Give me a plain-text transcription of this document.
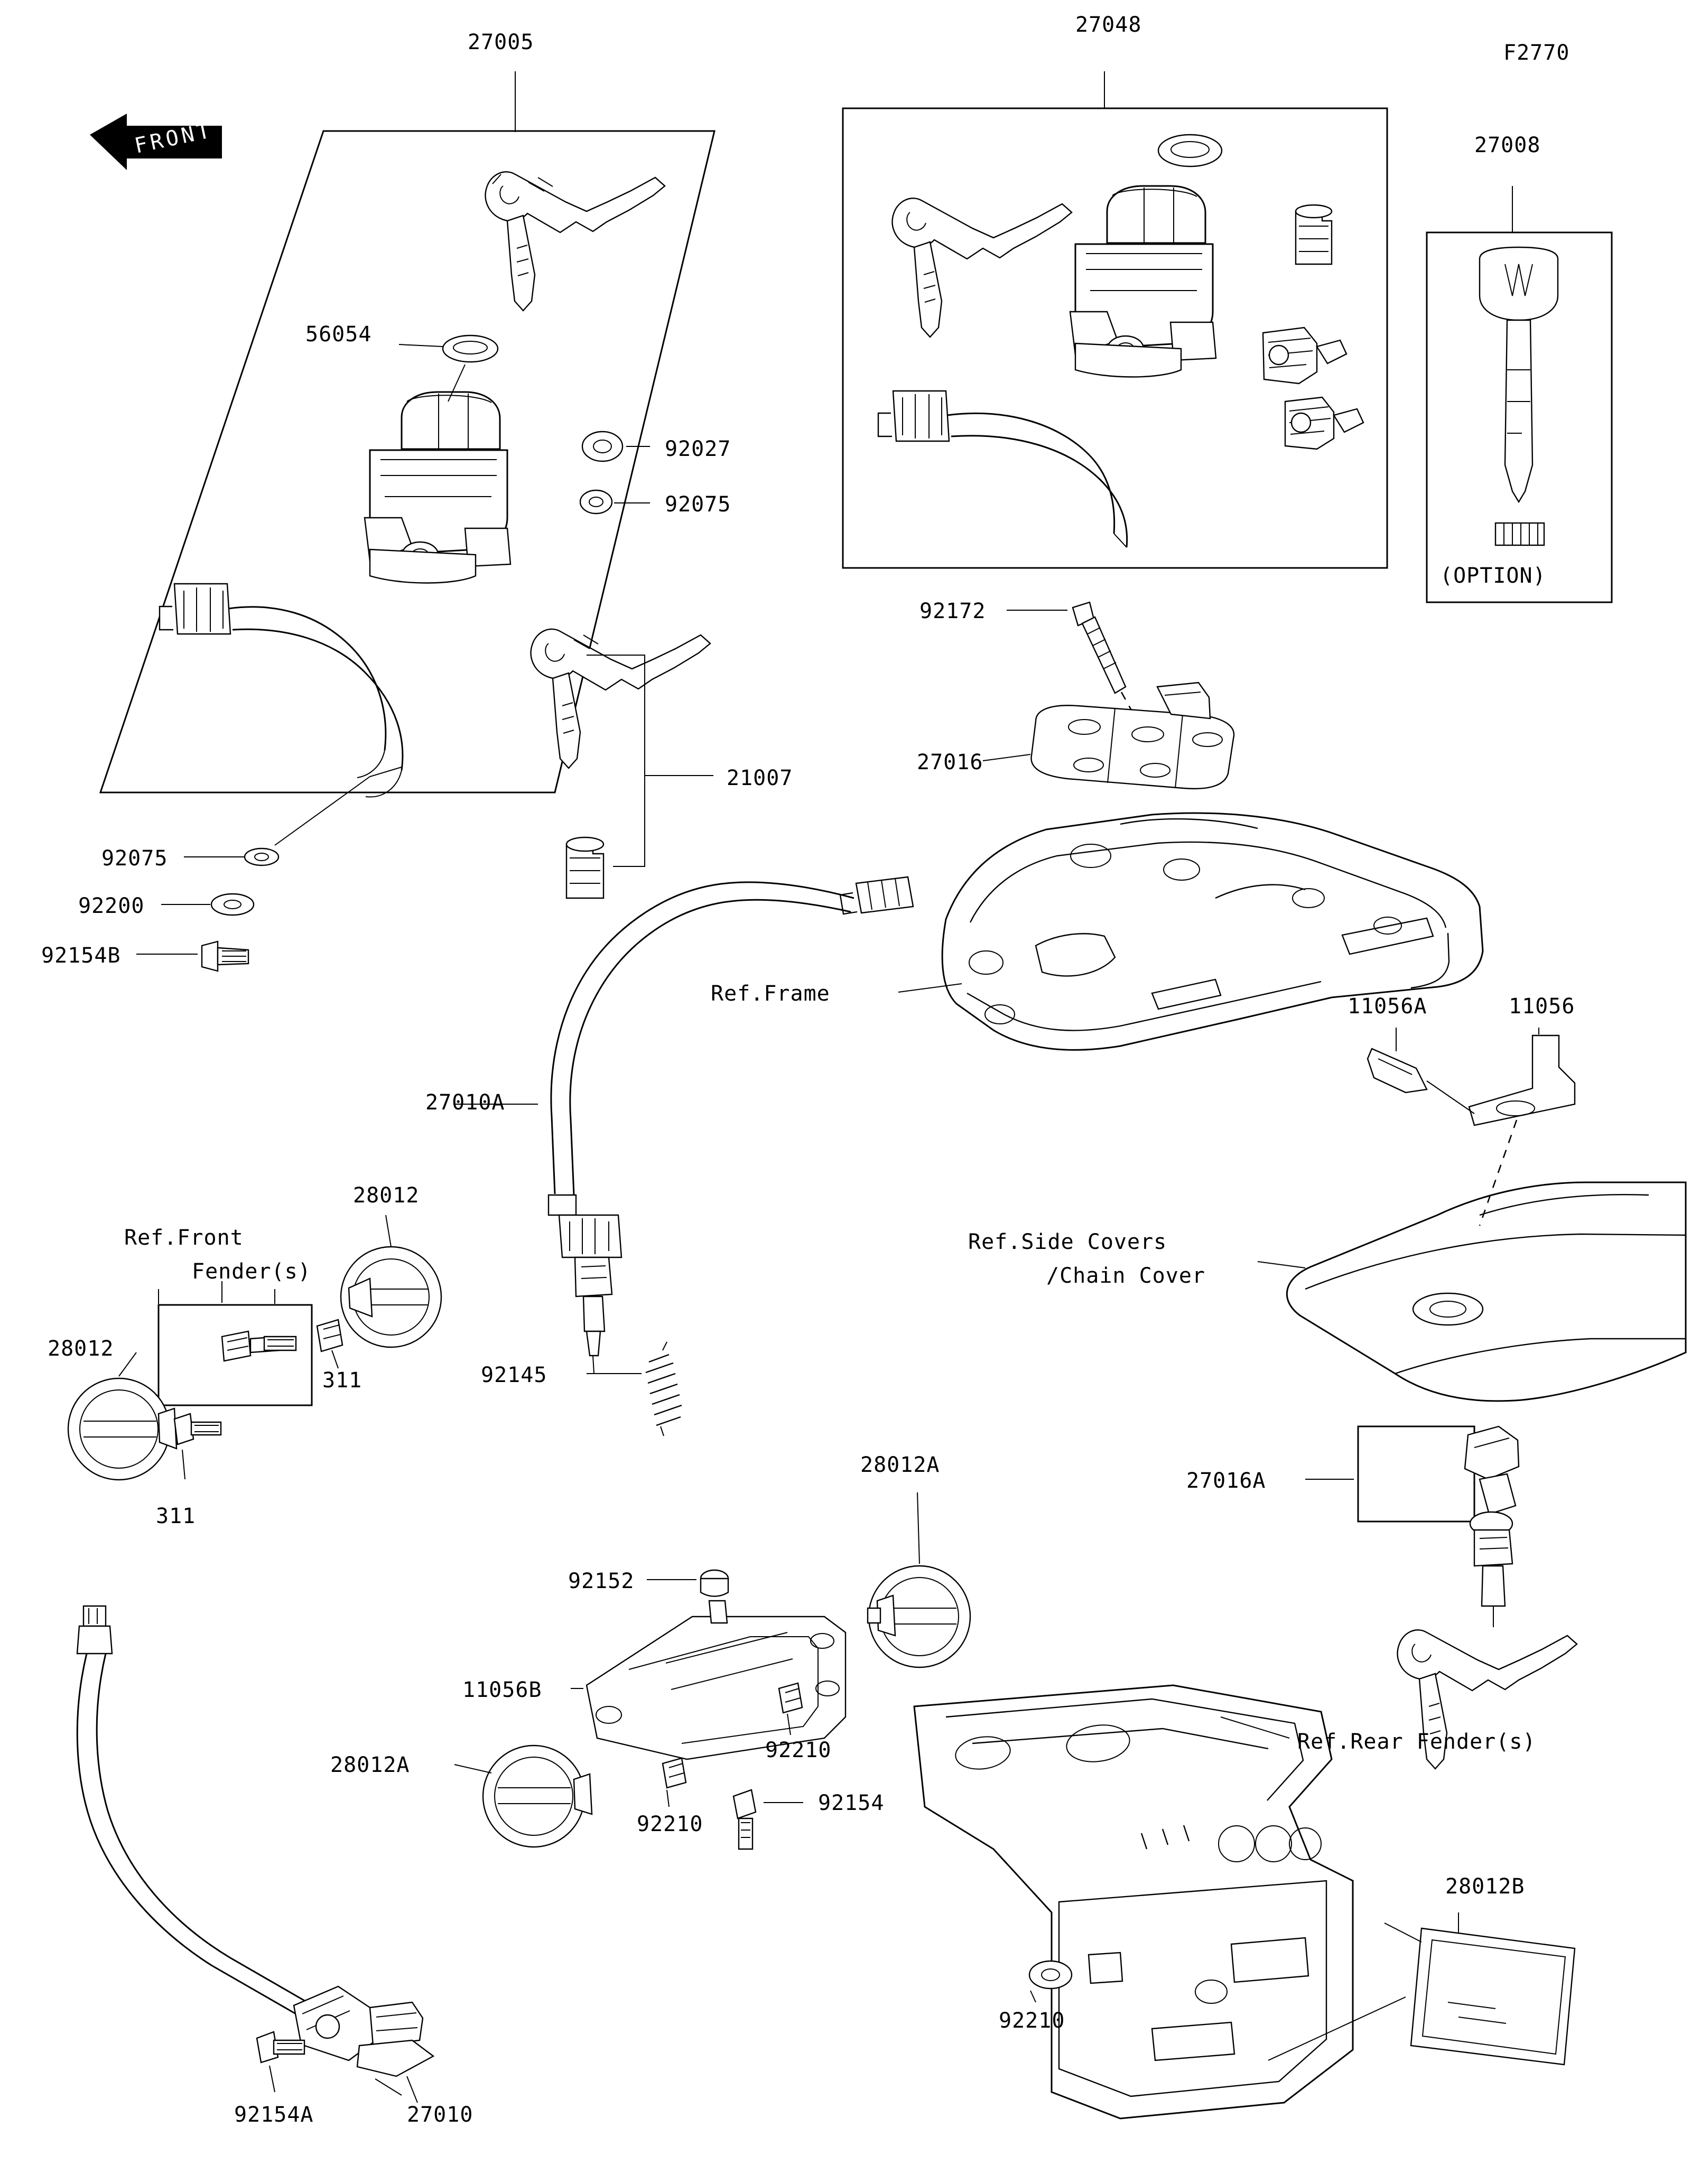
FRONT
27005
27048
F2770
27008
56054
92027
92075
(OPTION)
92172
27016
21007
92075
92200
92154B
Ref.Frame
11056A	11056
27010A
28012
Ref.Front
Fender(s)
Ref.Side Covers
/Chain Cover
28012
92145
311
311
28012A
27016A
92152
11056B
Ref.Rear Fender(s)
92210
28012A
92210
92154
28012B
92210
92154A	27010
